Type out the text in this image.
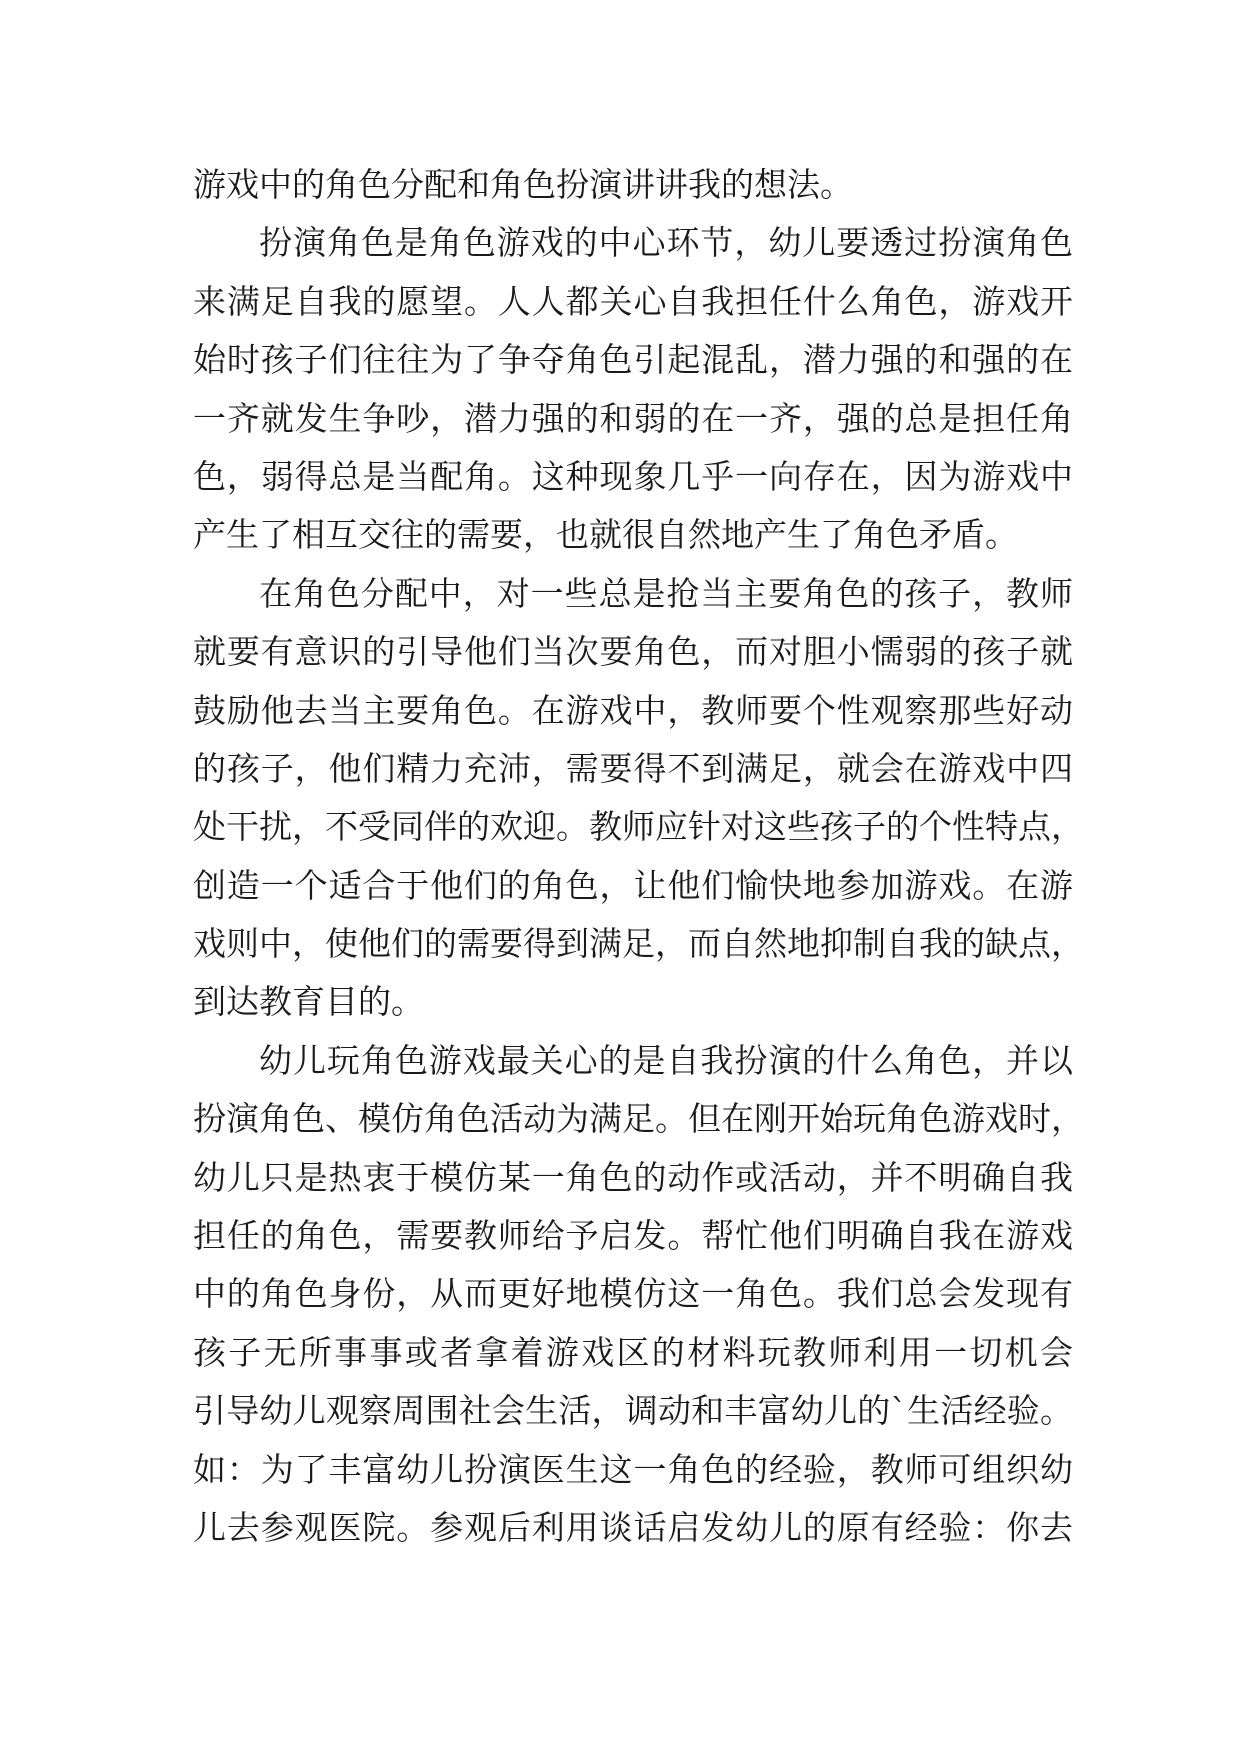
游戏中的角色分配和角色扮演讲讲我的想法。
扮演角色是角色游戏的中心环节，幼儿要透过扮演角色
来满足自我的愿望。人人都关心自我担任什么角色，游戏开
始时孩子们往往为了争夺角色引起混乱，潜力强的和强的在
一齐就发生争吵，潜力强的和弱的在一齐，强的总是担任角
色，弱得总是当配角。这种现象几乎一向存在，因为游戏中
产生了相互交往的需要，也就很自然地产生了角色矛盾。
在角色分配中，对一些总是抢当主要角色的孩子，教师
就要有意识的引导他们当次要角色，而对胆小懦弱的孩子就
鼓励他去当主要角色。在游戏中，教师要个性观察那些好动
的孩子，他们精力充沛，需要得不到满足，就会在游戏中四
处干扰，不受同伴的欢迎。教师应针对这些孩子的个性特点，
创造一个适合于他们的角色，让他们愉快地参加游戏。在游
戏则中，使他们的需要得到满足，而自然地抑制自我的缺点，
到达教育目的。
幼儿玩角色游戏最关心的是自我扮演的什么角色，并以
扮演角色、模仿角色活动为满足。但在刚开始玩角色游戏时，
幼儿只是热衷于模仿某一角色的动作或活动，并不明确自我
担任的角色，需要教师给予启发。帮忙他们明确自我在游戏
中的角色身份，从而更好地模仿这一角色。我们总会发现有
孩子无所事事或者拿着游戏区的材料玩教师利用一切机会
引导幼儿观察周围社会生活，调动和丰富幼儿的`生活经验。
如：为了丰富幼儿扮演医生这一角色的经验，教师可组织幼
儿去参观医院。参观后利用谈话启发幼儿的原有经验：你去
